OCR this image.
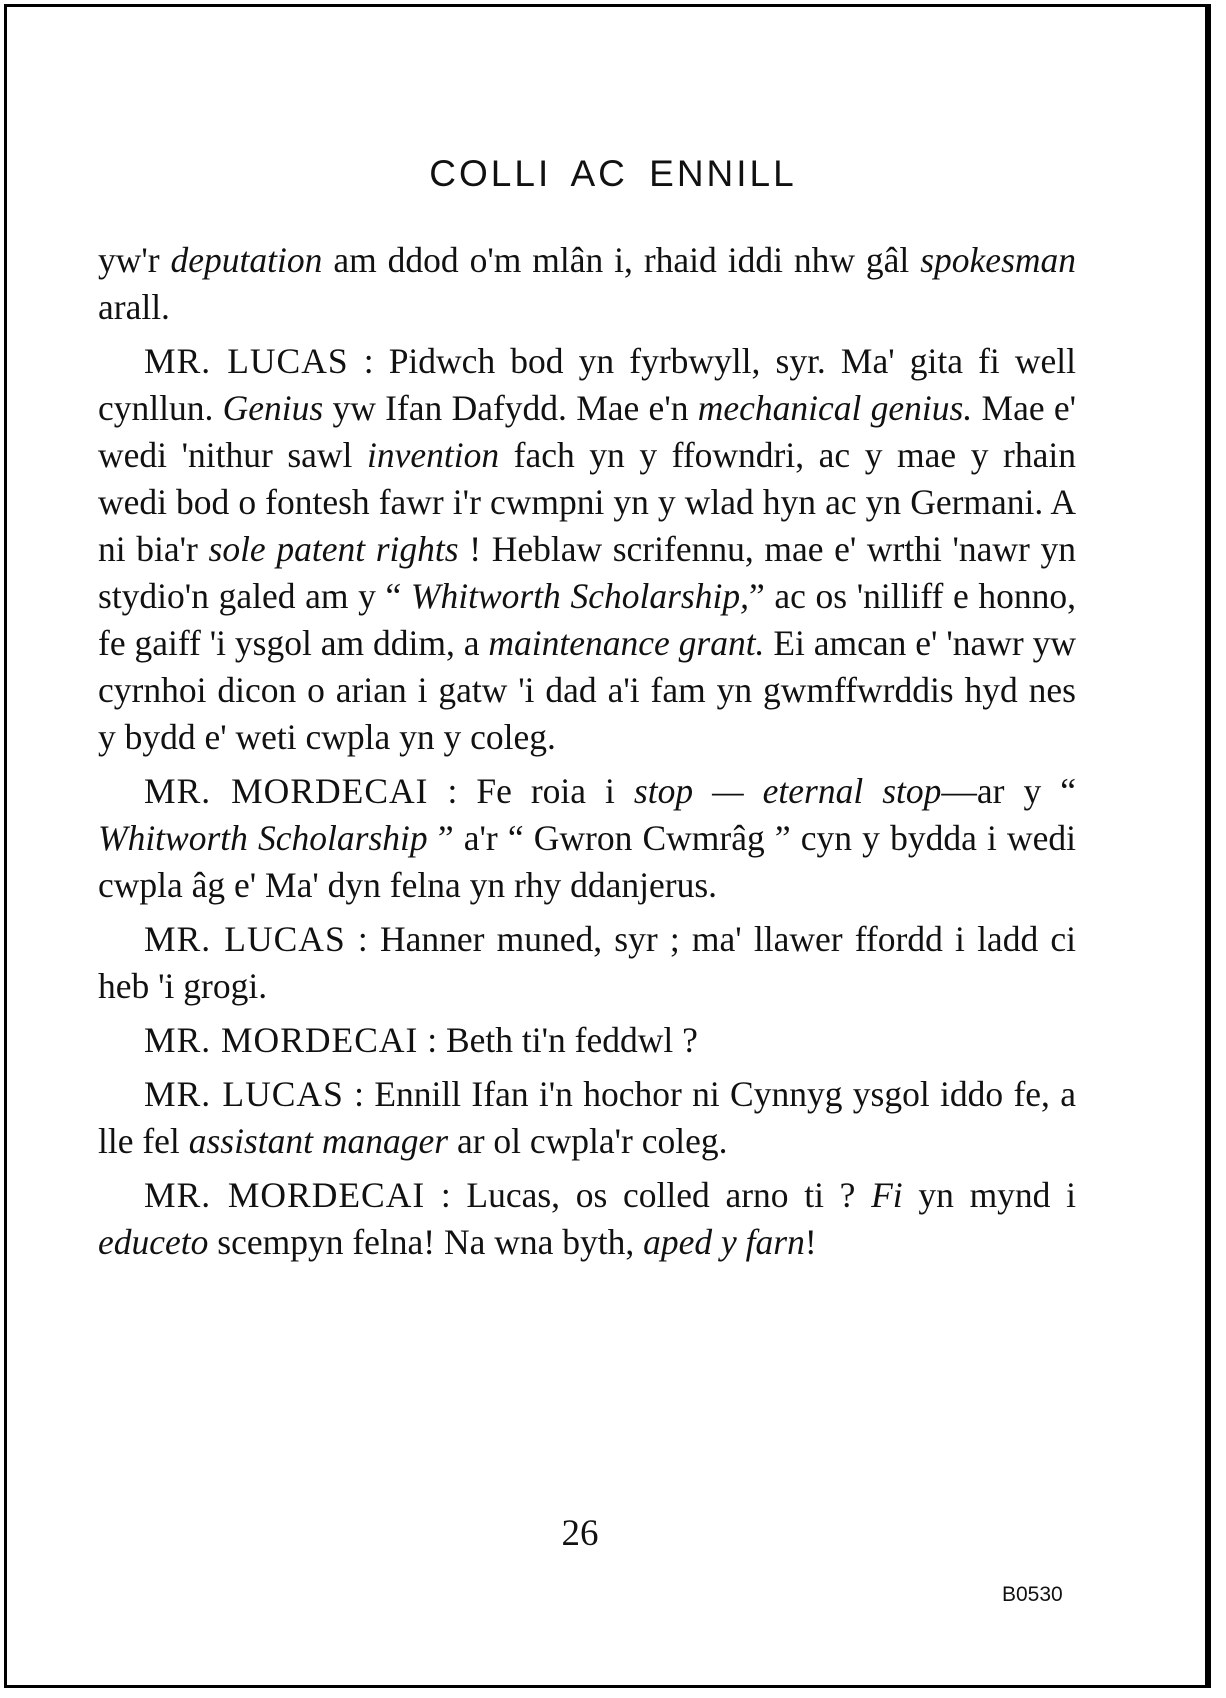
COLLI AC ENNILL

yw'r deputation am ddod o'm mlân i, rhaid iddi nhw gâl spokesman arall.

MR. LUCAS : Pidwch bod yn fyrbwyll, syr. Ma' gita fi well cynllun. Genius yw Ifan Dafydd. Mae e'n mechanical genius. Mae e' wedi 'nithur sawl invention fach yn y ffowndri, ac y mae y rhain wedi bod o fontesh fawr i'r cwmpni yn y wlad hyn ac yn Germani. A ni bia'r sole patent rights ! Heblaw scrifennu, mae e' wrthi 'nawr yn stydio'n galed am y “ Whitworth Scholarship,” ac os 'nilliff e honno, fe gaiff 'i ysgol am ddim, a maintenance grant. Ei amcan e' 'nawr yw cyrnhoi dicon o arian i gatw 'i dad a'i fam yn gwmffwrddis hyd nes y bydd e' weti cwpla yn y coleg.

MR. MORDECAI : Fe roia i stop — eternal stop—ar y “ Whitworth Scholarship ” a'r “ Gwron Cwmrâg ” cyn y bydda i wedi cwpla âg e' Ma' dyn felna yn rhy ddanjerus.

MR. LUCAS : Hanner muned, syr ; ma' llawer ffordd i ladd ci heb 'i grogi.

MR. MORDECAI : Beth ti'n feddwl ?

MR. LUCAS : Ennill Ifan i'n hochor ni Cynnyg ysgol iddo fe, a lle fel assistant manager ar ol cwpla'r coleg.

MR. MORDECAI : Lucas, os colled arno ti ? Fi yn mynd i educeto scempyn felna! Na wna byth, aped y farn!

26
B0530
